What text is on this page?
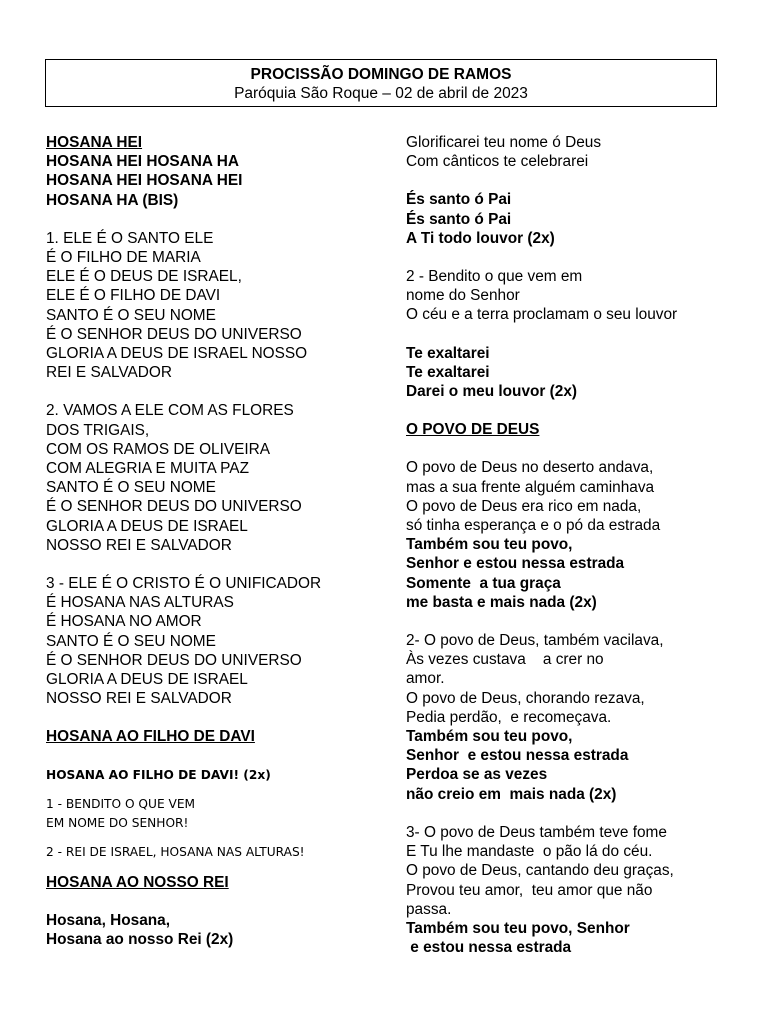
PROCISSÃO DOMINGO DE RAMOS
Paróquia São Roque – 02 de abril de 2023
HOSANA HEI
HOSANA HEI HOSANA HA
HOSANA HEI HOSANA HEI
HOSANA HA (BIS)
1. ELE É O SANTO ELE
É O FILHO DE MARIA
ELE É O DEUS DE ISRAEL,
ELE É O FILHO DE DAVI
SANTO É O SEU NOME
É O SENHOR DEUS DO UNIVERSO
GLORIA A DEUS DE ISRAEL NOSSO
REI E SALVADOR
2. VAMOS A ELE COM AS FLORES
DOS TRIGAIS,
COM OS RAMOS DE OLIVEIRA
COM ALEGRIA E MUITA PAZ
SANTO É O SEU NOME
É O SENHOR DEUS DO UNIVERSO
GLORIA A DEUS DE ISRAEL
NOSSO REI E SALVADOR
3 - ELE É O CRISTO É O UNIFICADOR
É HOSANA NAS ALTURAS
É HOSANA NO AMOR
SANTO É O SEU NOME
É O SENHOR DEUS DO UNIVERSO
GLORIA A DEUS DE ISRAEL
NOSSO REI E SALVADOR
HOSANA AO FILHO DE DAVI
HOSANA AO FILHO DE DAVI! (2x)
1 - BENDITO O QUE VEM
EM NOME DO SENHOR!
2 - REI DE ISRAEL, HOSANA NAS ALTURAS!
HOSANA AO NOSSO REI
Hosana, Hosana,
Hosana ao nosso Rei (2x)
Glorificarei teu nome ó Deus
Com cânticos te celebrarei
És santo ó Pai
És santo ó Pai
A Ti todo louvor (2x)
2 - Bendito o que vem em
nome do Senhor
O céu e a terra proclamam o seu louvor
Te exaltarei
Te exaltarei
Darei o meu louvor (2x)
O POVO DE DEUS
O povo de Deus no deserto andava,
mas a sua frente alguém caminhava
O povo de Deus era rico em nada,
só tinha esperança e o pó da estrada
Também sou teu povo,
Senhor e estou nessa estrada
Somente  a tua graça
me basta e mais nada (2x)
2- O povo de Deus, também vacilava,
Às vezes custava    a crer no
amor.
O povo de Deus, chorando rezava,
Pedia perdão,  e recomeçava.
Também sou teu povo,
Senhor  e estou nessa estrada
Perdoa se as vezes
não creio em  mais nada (2x)
3- O povo de Deus também teve fome
E Tu lhe mandaste  o pão lá do céu.
O povo de Deus, cantando deu graças,
Provou teu amor,  teu amor que não
passa.
Também sou teu povo, Senhor
e estou nessa estrada
